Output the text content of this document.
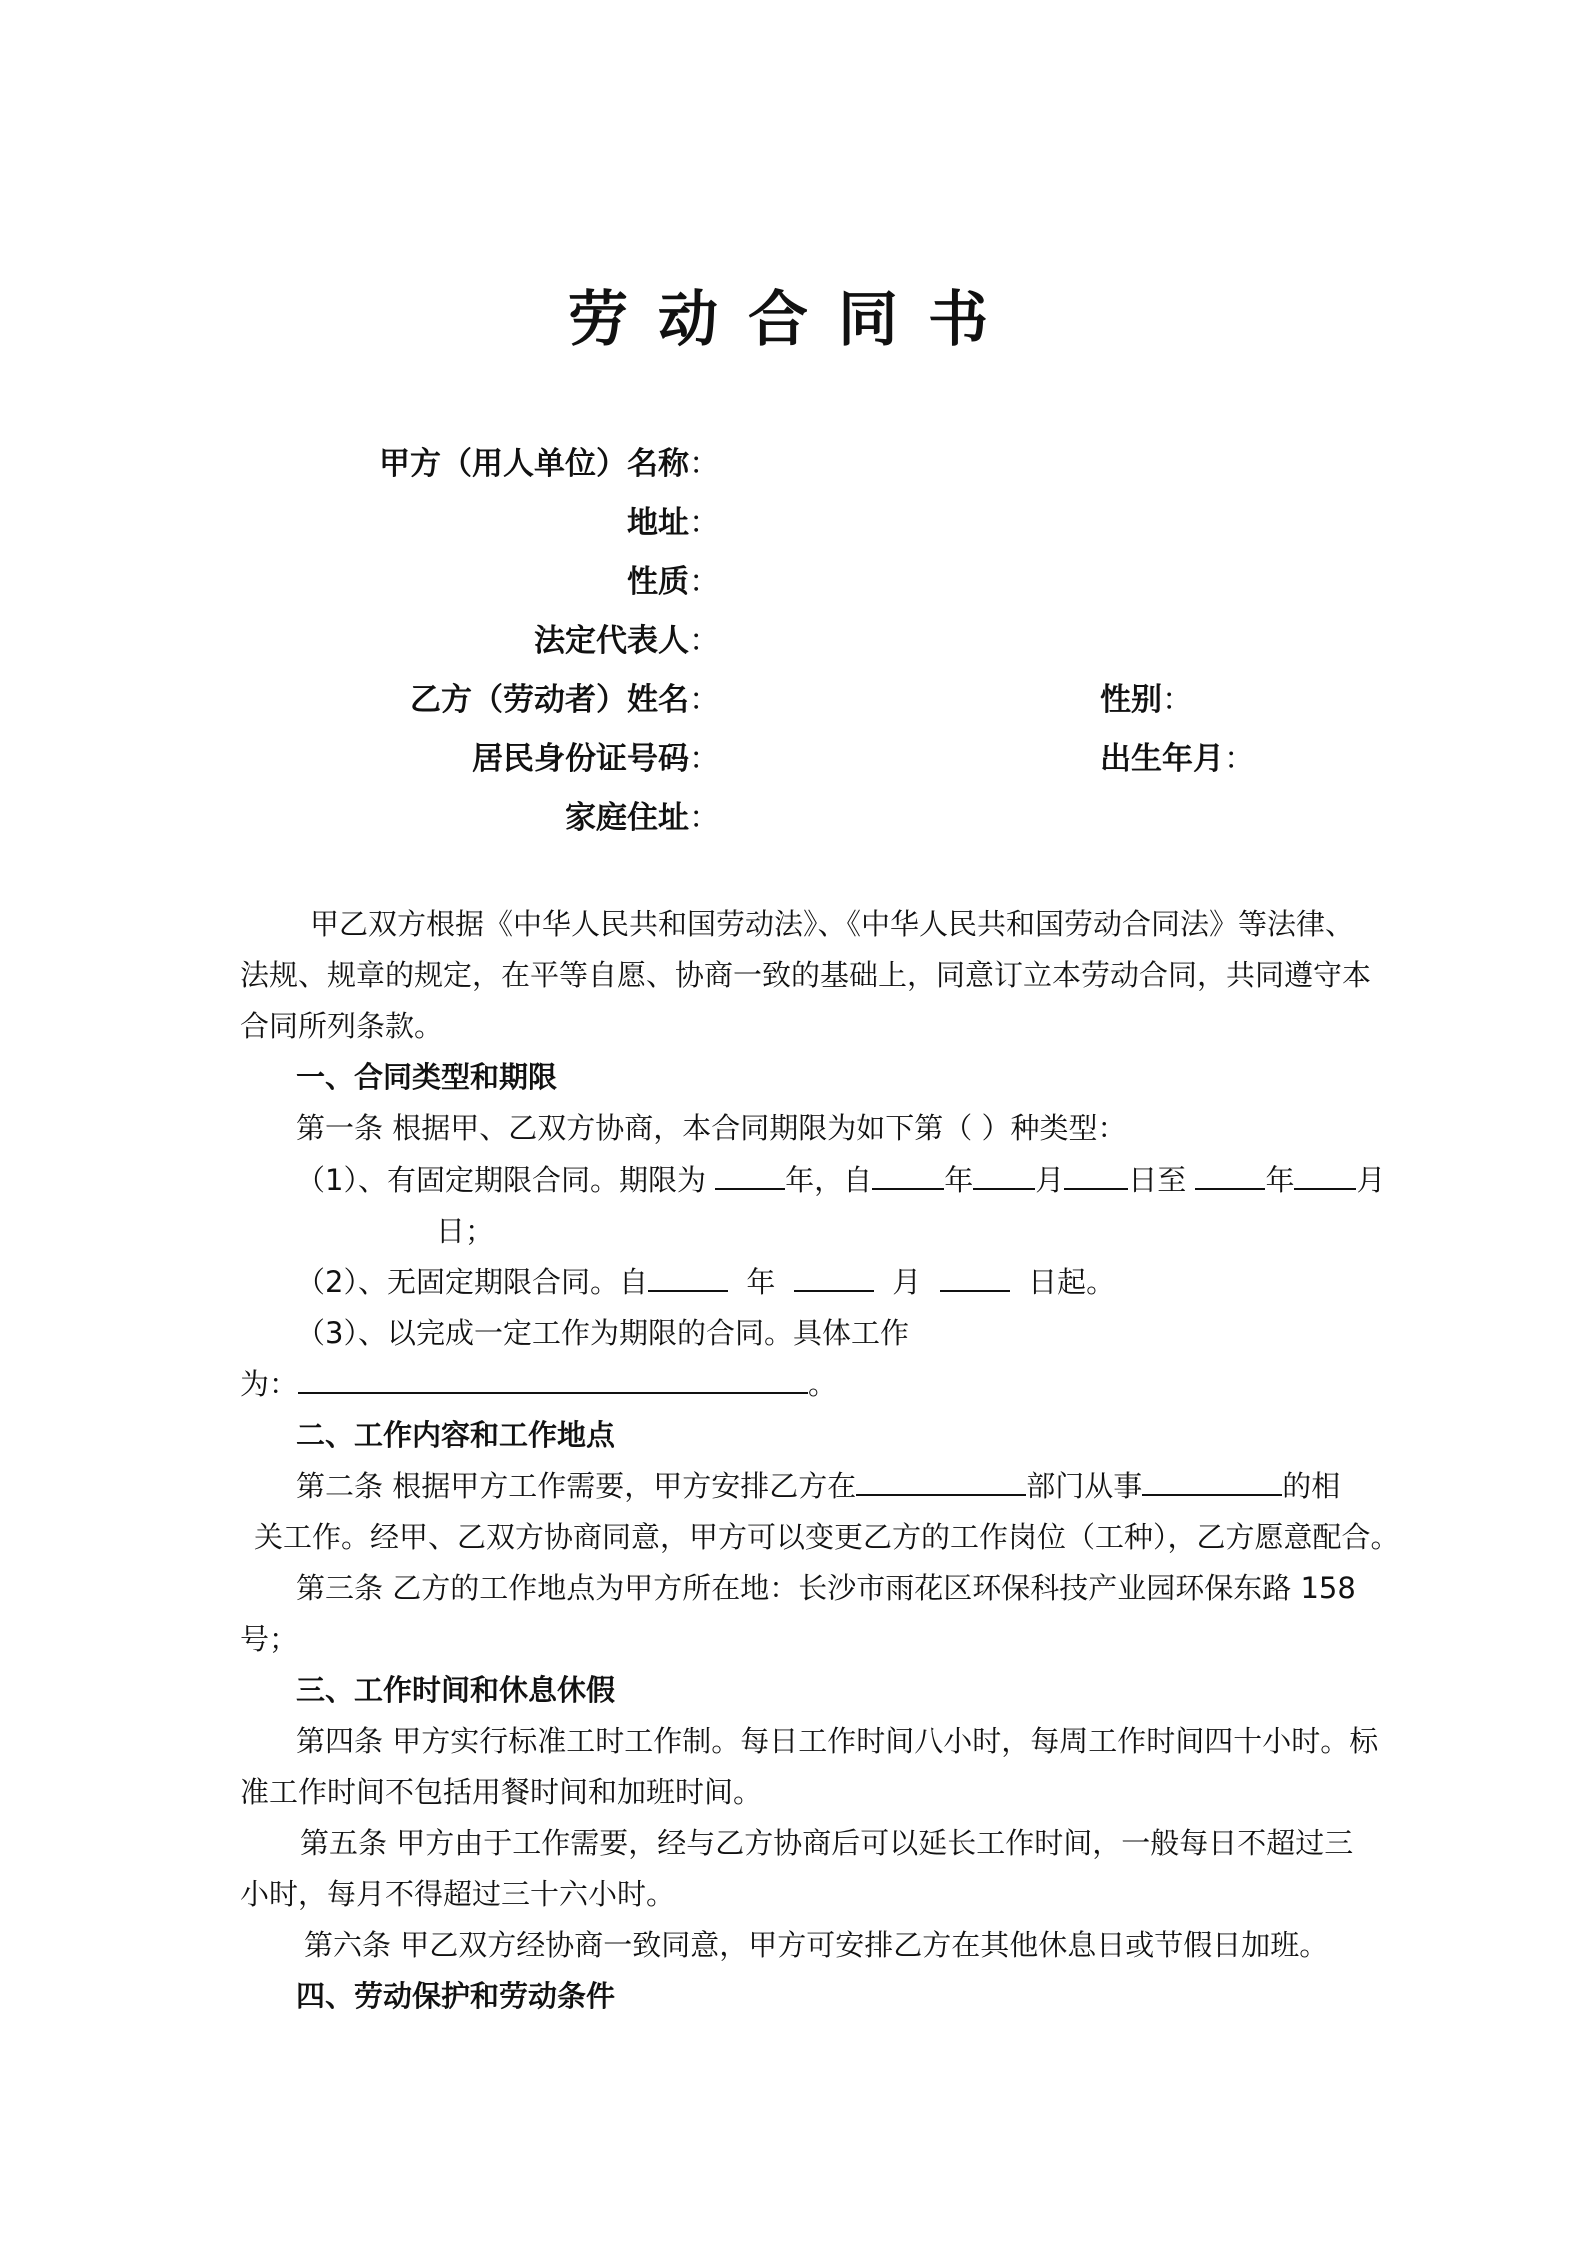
劳动合同书
甲方（用人单位）名称：
地址：
性质：
法定代表人：
乙方（劳动者）姓名：	性别：
居民身份证号码：	出生年月：
家庭住址：
甲乙双方根据《中华人民共和国劳动法》、《中华人民共和国劳动合同法》等法律、
法规、规章的规定，在平等自愿、协商一致的基础上，同意订立本劳动合同，共同遵守本
合同所列条款。
一、合同类型和期限
第一条 根据甲、乙双方协商，本合同期限为如下第（ ）种类型：
（1）、有固定期限合同。期限为	年，自 年 月 日至	年 月
日；
（2）、无固定期限合同。自	年	月	日起。
（3）、以完成一定工作为期限的合同。具体工作
为：	。
二、工作内容和工作地点
第二条 根据甲方工作需要，甲方安排乙方在	部门从事	的相
关工作。经甲、乙双方协商同意，甲方可以变更乙方的工作岗位（工种），乙方愿意配合。
第三条 乙方的工作地点为甲方所在地：长沙市雨花区环保科技产业园环保东路 158
号；
三、工作时间和休息休假
第四条 甲方实行标准工时工作制。每日工作时间八小时，每周工作时间四十小时。标
准工作时间不包括用餐时间和加班时间。
第五条 甲方由于工作需要，经与乙方协商后可以延长工作时间，一般每日不超过三
小时，每月不得超过三十六小时。
第六条 甲乙双方经协商一致同意，甲方可安排乙方在其他休息日或节假日加班。
四、劳动保护和劳动条件
